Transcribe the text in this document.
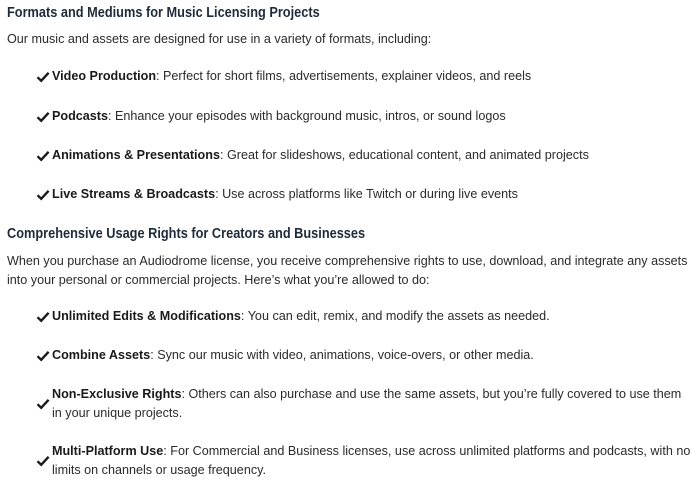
Formats and Mediums for Music Licensing Projects

Our music and assets are designed for use in a variety of formats, including:

Video Production: Perfect for short films, advertisements, explainer videos, and reels
Podcasts: Enhance your episodes with background music, intros, or sound logos
Animations & Presentations: Great for slideshows, educational content, and animated projects
Live Streams & Broadcasts: Use across platforms like Twitch or during live events
Comprehensive Usage Rights for Creators and Businesses

When you purchase an Audiodrome license, you receive comprehensive rights to use, download, and integrate any assets into your personal or commercial projects. Here’s what you’re allowed to do:

Unlimited Edits & Modifications: You can edit, remix, and modify the assets as needed.
Combine Assets: Sync our music with video, animations, voice-overs, or other media.
Non-Exclusive Rights: Others can also purchase and use the same assets, but you’re fully covered to use them in your unique projects.
Multi-Platform Use: For Commercial and Business licenses, use across unlimited platforms and podcasts, with no limits on channels or usage frequency.
